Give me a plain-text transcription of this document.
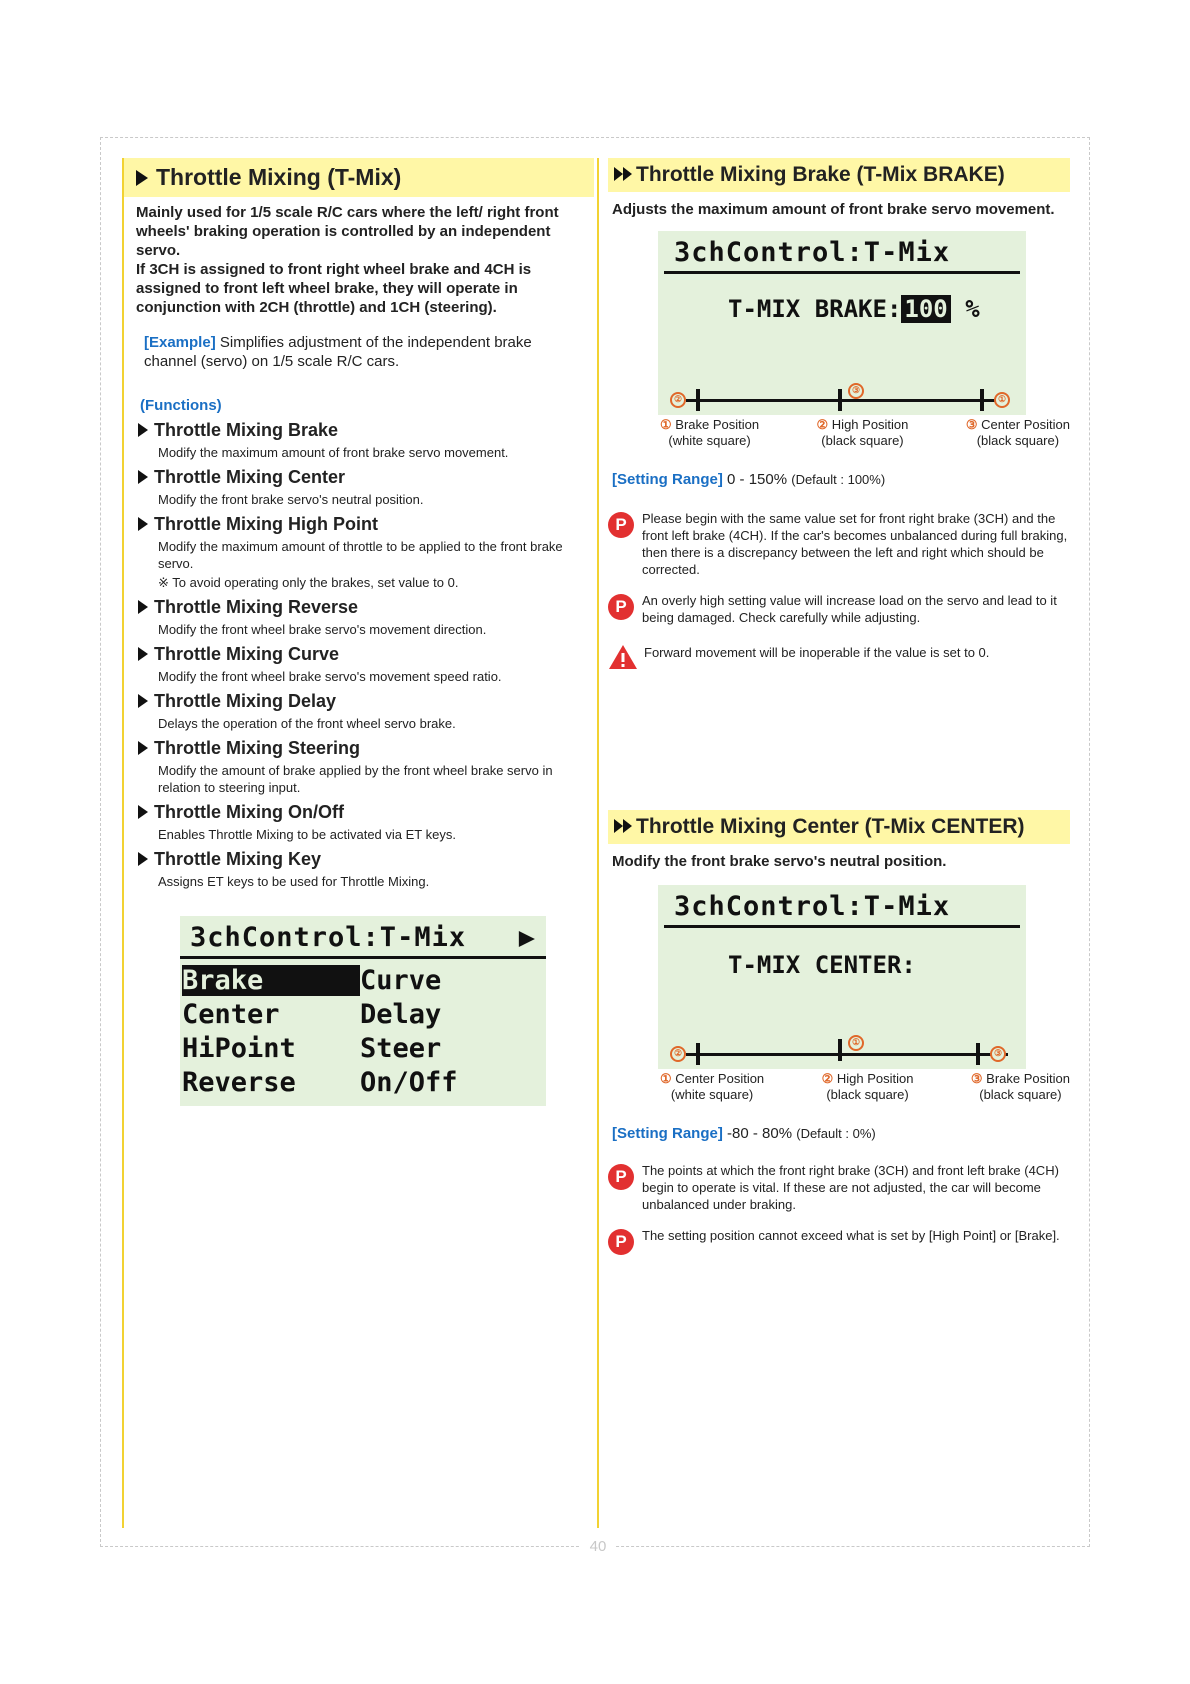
Throttle Mixing (T-Mix)
Mainly used for 1/5 scale R/C cars where the left/ right front wheels' braking operation is controlled by an independent servo.
If 3CH is assigned to front right wheel brake and 4CH is assigned to front left wheel brake, they will operate in conjunction with 2CH (throttle) and 1CH (steering).
[Example] Simplifies adjustment of the independent brake channel (servo) on 1/5 scale R/C cars.
(Functions)
Throttle Mixing Brake
Modify the maximum amount of front brake servo movement.
Throttle Mixing Center
Modify the front brake servo's neutral position.
Throttle Mixing High Point
Modify the maximum amount of throttle to be applied to the front brake servo.
※ To avoid operating only the brakes, set value to 0.
Throttle Mixing Reverse
Modify the front wheel brake servo's movement direction.
Throttle Mixing Curve
Modify the front wheel brake servo's movement speed ratio.
Throttle Mixing Delay
Delays the operation of the front wheel servo brake.
Throttle Mixing Steering
Modify the amount of brake applied by the front wheel brake servo in relation to steering input.
Throttle Mixing On/Off
Enables Throttle Mixing to be activated via ET keys.
Throttle Mixing Key
Assigns ET keys to be used for Throttle Mixing.
3chControl:T-Mix ▶
Brake	Curve
Center	Delay
HiPoint	Steer
Reverse	On/Off
Throttle Mixing Brake (T-Mix BRAKE)
Adjusts the maximum amount of front brake servo movement.
3chControl:T-Mix
T-MIX BRAKE: 100 %
②
③
①
① Brake Position
(white square)
② High Position
(black square)
③ Center Position
(black square)
[Setting Range] 0 - 150% (Default : 100%)
P	Please begin with the same value set for front right brake (3CH) and the front left brake (4CH). If the car's becomes unbalanced during full braking, then there is a discrepancy between the left and right which should be corrected.
P	An overly high setting value will increase load on the servo and lead to it being damaged. Check carefully while adjusting.
Forward movement will be inoperable if the value is set to 0.
Throttle Mixing Center (T-Mix CENTER)
Modify the front brake servo's neutral position.
3chControl:T-Mix
T-MIX CENTER:
②
①
③
① Center Position
(white square)
② High Position
(black square)
③ Brake Position
(black square)
[Setting Range] -80 - 80% (Default : 0%)
P	The points at which the front right brake (3CH) and front left brake (4CH) begin to operate is vital. If these are not adjusted, the car will become unbalanced under braking.
P	The setting position cannot exceed what is set by [High Point] or [Brake].
40
